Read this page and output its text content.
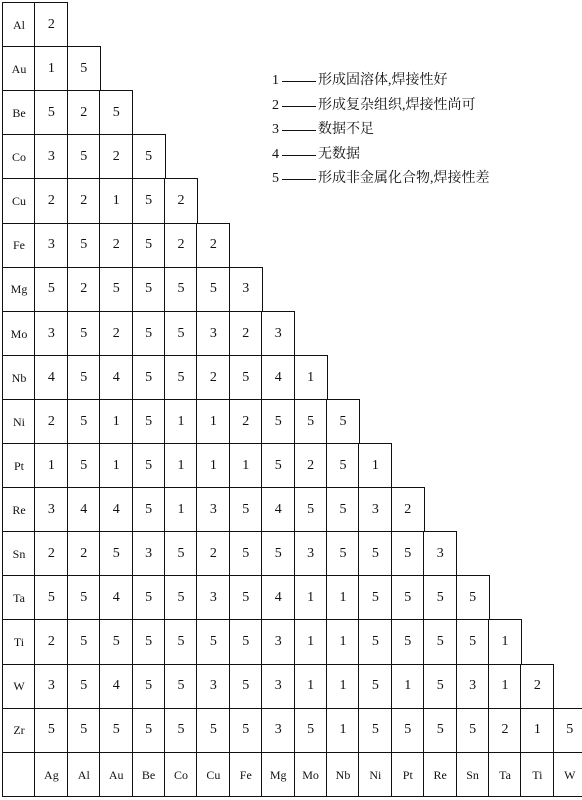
Al	2
Au	1	5
Be	5	2	5
Co	3	5	2	5
Cu	2	2	1	5	2
Fe	3	5	2	5	2	2
Mg	5	2	5	5	5	5	3
Mo	3	5	2	5	5	3	2	3
Nb	4	5	4	5	5	2	5	4	1
Ni	2	5	1	5	1	1	2	5	5	5
Pt	1	5	1	5	1	1	1	5	2	5	1
Re	3	4	4	5	1	3	5	4	5	5	3	2
Sn	2	2	5	3	5	2	5	5	3	5	5	5	3
Ta	5	5	4	5	5	3	5	4	1	1	5	5	5	5
Ti	2	5	5	5	5	5	5	3	1	1	5	5	5	5	1
W	3	5	4	5	5	3	5	3	1	1	5	1	5	3	1	2
Zr	5	5	5	5	5	5	5	3	5	1	5	5	5	5	2	1	5
Ag	Al	Au	Be	Co	Cu	Fe	Mg	Mo	Nb	Ni	Pt	Re	Sn	Ta	Ti	W
1	形成固溶体,焊接性好
2	形成复杂组织,焊接性尚可
3	数据不足
4	无数据
5	形成非金属化合物,焊接性差
